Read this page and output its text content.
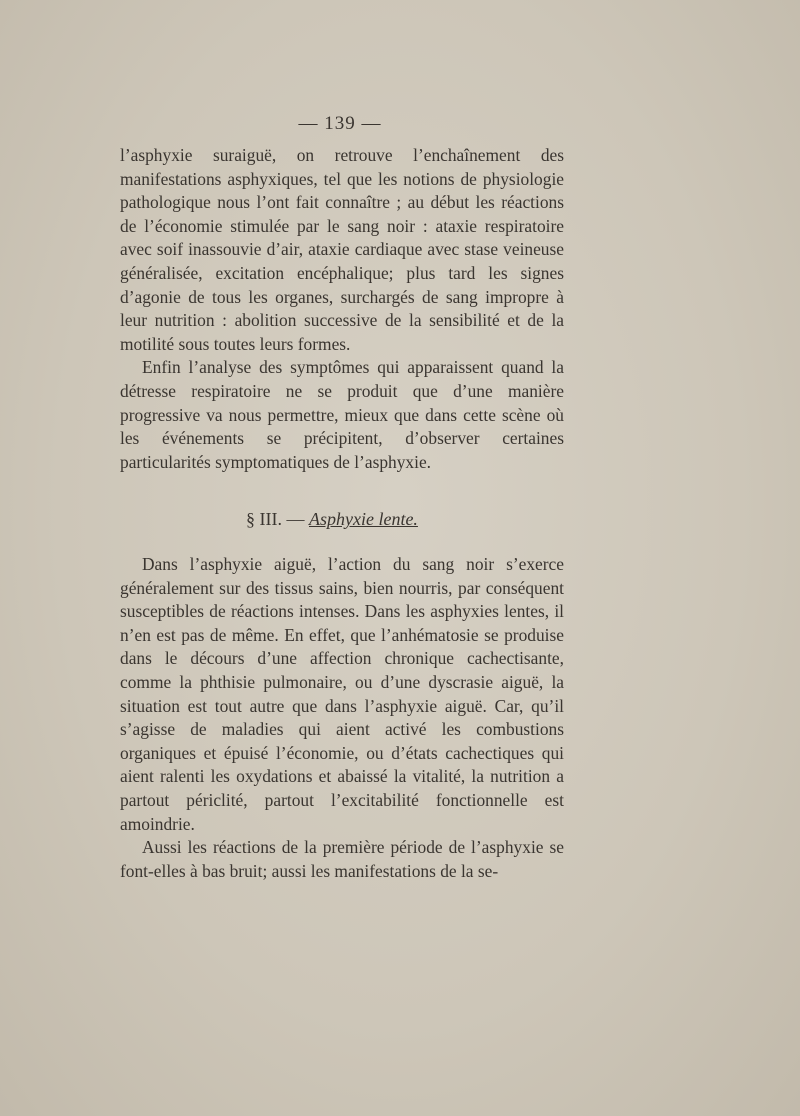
— 139 —

l’asphyxie suraiguë, on retrouve l’enchaînement des manifestations asphyxiques, tel que les notions de physiologie pathologique nous l’ont fait connaître ; au début les réactions de l’économie stimulée par le sang noir : ataxie respiratoire avec soif inassouvie d’air, ataxie cardiaque avec stase veineuse généralisée, excitation encéphalique; plus tard les signes d’agonie de tous les organes, surchargés de sang impropre à leur nutrition : abolition successive de la sensibilité et de la motilité sous toutes leurs formes.

Enfin l’analyse des symptômes qui apparaissent quand la détresse respiratoire ne se produit que d’une manière progressive va nous permettre, mieux que dans cette scène où les événements se précipitent, d’observer certaines particularités symptomatiques de l’asphyxie.

§ III. — Asphyxie lente.

Dans l’asphyxie aiguë, l’action du sang noir s’exerce généralement sur des tissus sains, bien nourris, par conséquent susceptibles de réactions intenses. Dans les asphyxies lentes, il n’en est pas de même. En effet, que l’anhématosie se produise dans le décours d’une affection chronique cachectisante, comme la phthisie pulmonaire, ou d’une dyscrasie aiguë, la situation est tout autre que dans l’asphyxie aiguë. Car, qu’il s’agisse de maladies qui aient activé les combustions organiques et épuisé l’économie, ou d’états cachectiques qui aient ralenti les oxydations et abaissé la vitalité, la nutrition a partout périclité, partout l’excitabilité fonctionnelle est amoindrie.

Aussi les réactions de la première période de l’asphyxie se font-elles à bas bruit; aussi les manifestations de la se-
